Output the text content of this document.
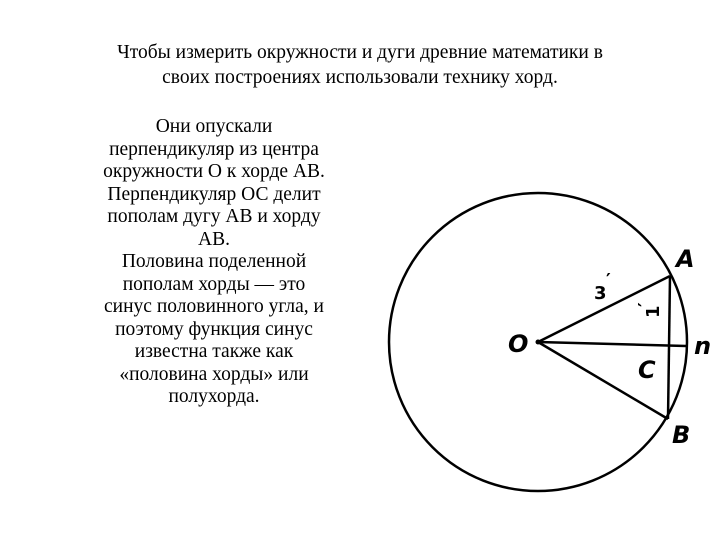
Чтобы измерить окружности и дуги древние математики в
своих построениях использовали технику хорд.
Они опускали
перпендикуляр из центра
окружности О к хорде АВ.
Перпендикуляр ОС делит
пополам дугу АВ и хорду
АВ.
Половина поделенной
пополам хорды — это
синус половинного угла, и
поэтому функция синус
известна также как
«половина хорды» или
полухорда.
A
B
C
O	n
3
′
1
′
